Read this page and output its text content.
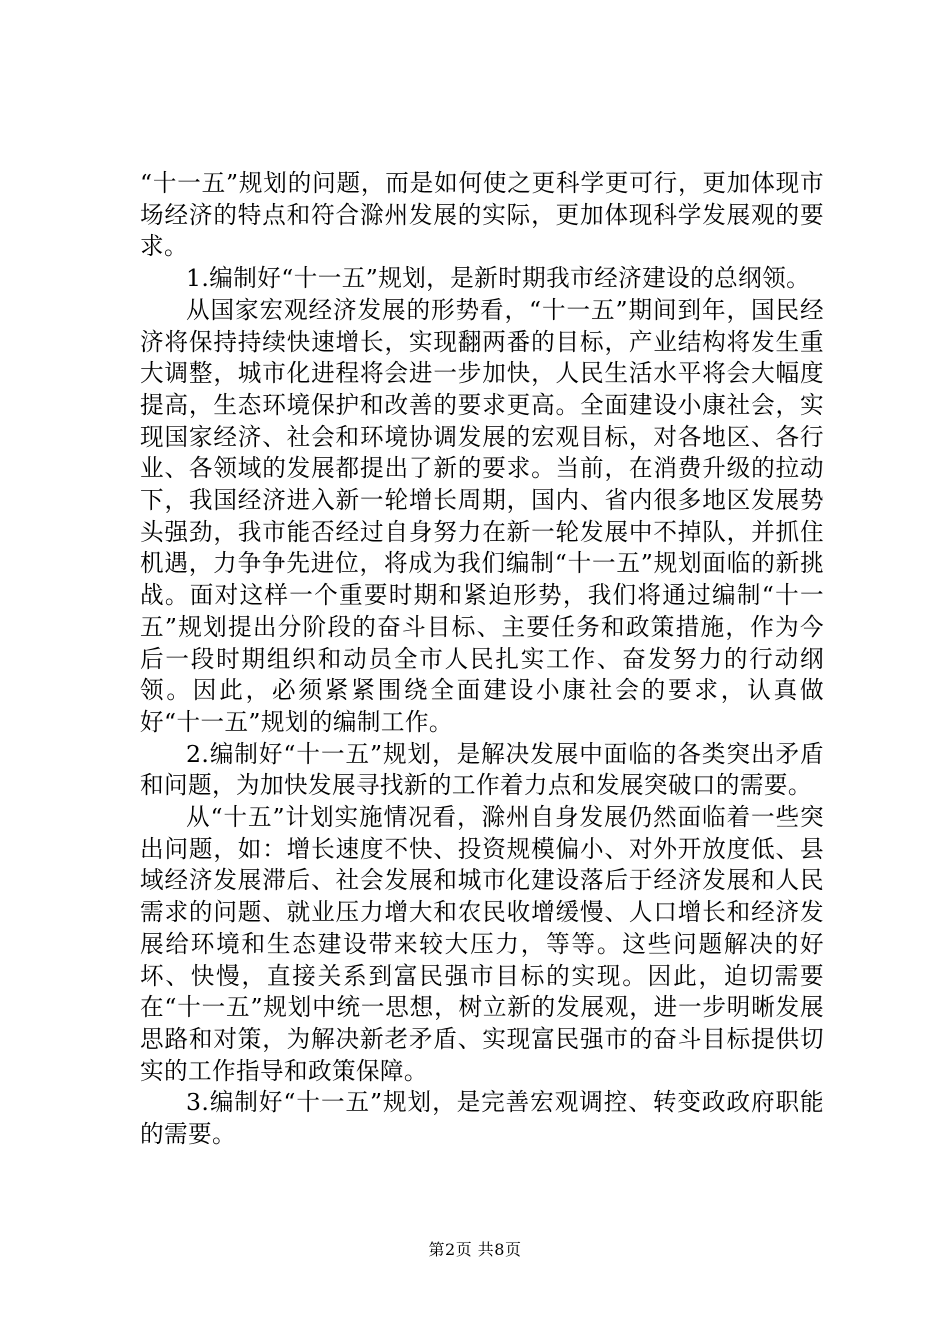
“十一五”规划的问题，而是如何使之更科学更可行，更加体现市场经济的特点和符合滁州发展的实际，更加体现科学发展观的要求。

1.编制好“十一五”规划，是新时期我市经济建设的总纲领。

从国家宏观经济发展的形势看，“十一五”期间到年，国民经济将保持持续快速增长，实现翻两番的目标，产业结构将发生重大调整，城市化进程将会进一步加快，人民生活水平将会大幅度提高，生态环境保护和改善的要求更高。全面建设小康社会，实现国家经济、社会和环境协调发展的宏观目标，对各地区、各行业、各领域的发展都提出了新的要求。当前，在消费升级的拉动下，我国经济进入新一轮增长周期，国内、省内很多地区发展势头强劲，我市能否经过自身努力在新一轮发展中不掉队，并抓住机遇，力争争先进位，将成为我们编制“十一五”规划面临的新挑战。面对这样一个重要时期和紧迫形势，我们将通过编制“十一五”规划提出分阶段的奋斗目标、主要任务和政策措施，作为今后一段时期组织和动员全市人民扎实工作、奋发努力的行动纲领。因此，必须紧紧围绕全面建设小康社会的要求，认真做好“十一五”规划的编制工作。

2.编制好“十一五”规划，是解决发展中面临的各类突出矛盾和问题，为加快发展寻找新的工作着力点和发展突破口的需要。

从“十五”计划实施情况看，滁州自身发展仍然面临着一些突出问题，如：增长速度不快、投资规模偏小、对外开放度低、县域经济发展滞后、社会发展和城市化建设落后于经济发展和人民需求的问题、就业压力增大和农民收增缓慢、人口增长和经济发展给环境和生态建设带来较大压力，等等。这些问题解决的好坏、快慢，直接关系到富民强市目标的实现。因此，迫切需要在“十一五”规划中统一思想，树立新的发展观，进一步明晰发展思路和对策，为解决新老矛盾、实现富民强市的奋斗目标提供切实的工作指导和政策保障。

3.编制好“十一五”规划，是完善宏观调控、转变政政府职能的需要。

第2页 共8页
